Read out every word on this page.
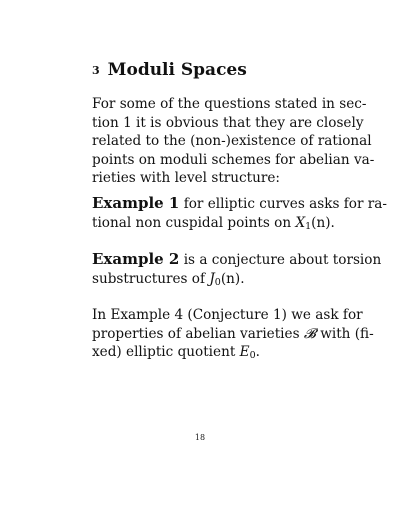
3 Moduli Spaces

For some of the questions stated in sec-
tion 1 it is obvious that they are closely
related to the (non-)existence of rational
points on moduli schemes for abelian va-
rieties with level structure:

Example 1 for elliptic curves asks for ra-
tional non cuspidal points on $X_1(n)$.

Example 2 is a conjecture about torsion
substructures of $J_0(n)$.

In Example 4 (Conjecture 1) we ask for
properties of abelian varieties 𝓑 with (fi-
xed) elliptic quotient $E_0$.

18
